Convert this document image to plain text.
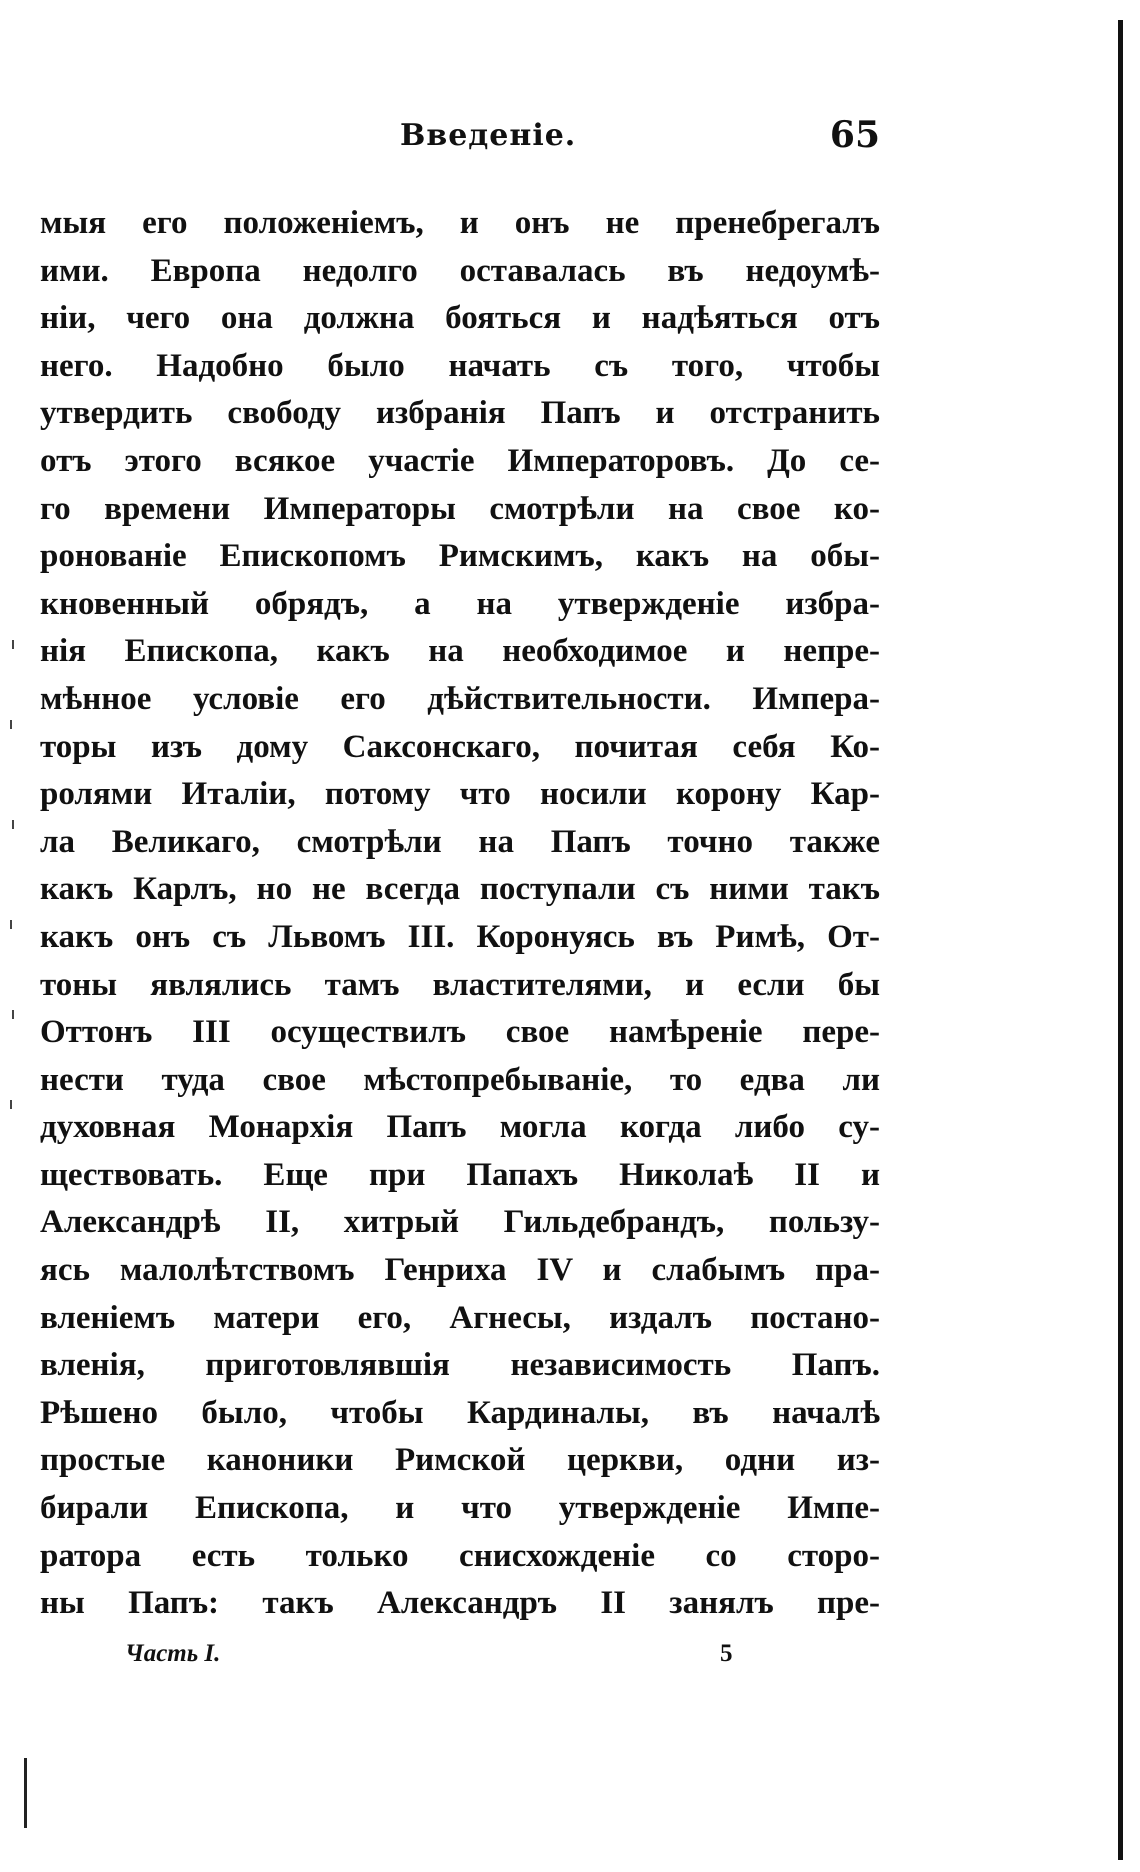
Введеніе.	65
мыя его положеніемъ, и онъ не пренебрегалъ
ими. Европа недолго оставалась въ недоумѣ-
ніи, чего она должна бояться и надѣяться отъ
него. Надобно было начать съ того, чтобы
утвердить свободу избранія Папъ и отстранить
отъ этого всякое участіе Императоровъ. До се-
го времени Императоры смотрѣли на свое ко-
ронованіе Епископомъ Римскимъ, какъ на обы-
кновенный обрядъ, а на утвержденіе избра-
нія Епископа, какъ на необходимое и непре-
мѣнное условіе его дѣйствительности. Импера-
торы изъ дому Саксонскаго, почитая себя Ко-
ролями Италіи, потому что носили корону Кар-
ла Великаго, смотрѣли на Папъ точно также
какъ Карлъ, но не всегда поступали съ ними такъ
какъ онъ съ Львомъ III. Коронуясь въ Римѣ, От-
тоны являлись тамъ властителями, и если бы
Оттонъ III осуществилъ свое намѣреніе пере-
нести туда свое мѣстопребываніе, то едва ли
духовная Монархія Папъ могла когда либо су-
ществовать. Еще при Папахъ Николаѣ II и
Александрѣ II, хитрый Гильдебрандъ, пользу-
ясь малолѣтствомъ Генриха IV и слабымъ пра-
вленіемъ матери его, Агнесы, издалъ постано-
вленія, приготовлявшія независимость Папъ.
Рѣшено было, чтобы Кардиналы, въ началѣ
простые каноники Римской церкви, одни из-
бирали Епископа, и что утвержденіе Импе-
ратора есть только снисхожденіе со сторо-
ны Папъ: такъ Александръ II занялъ пре-
Часть I.	5
